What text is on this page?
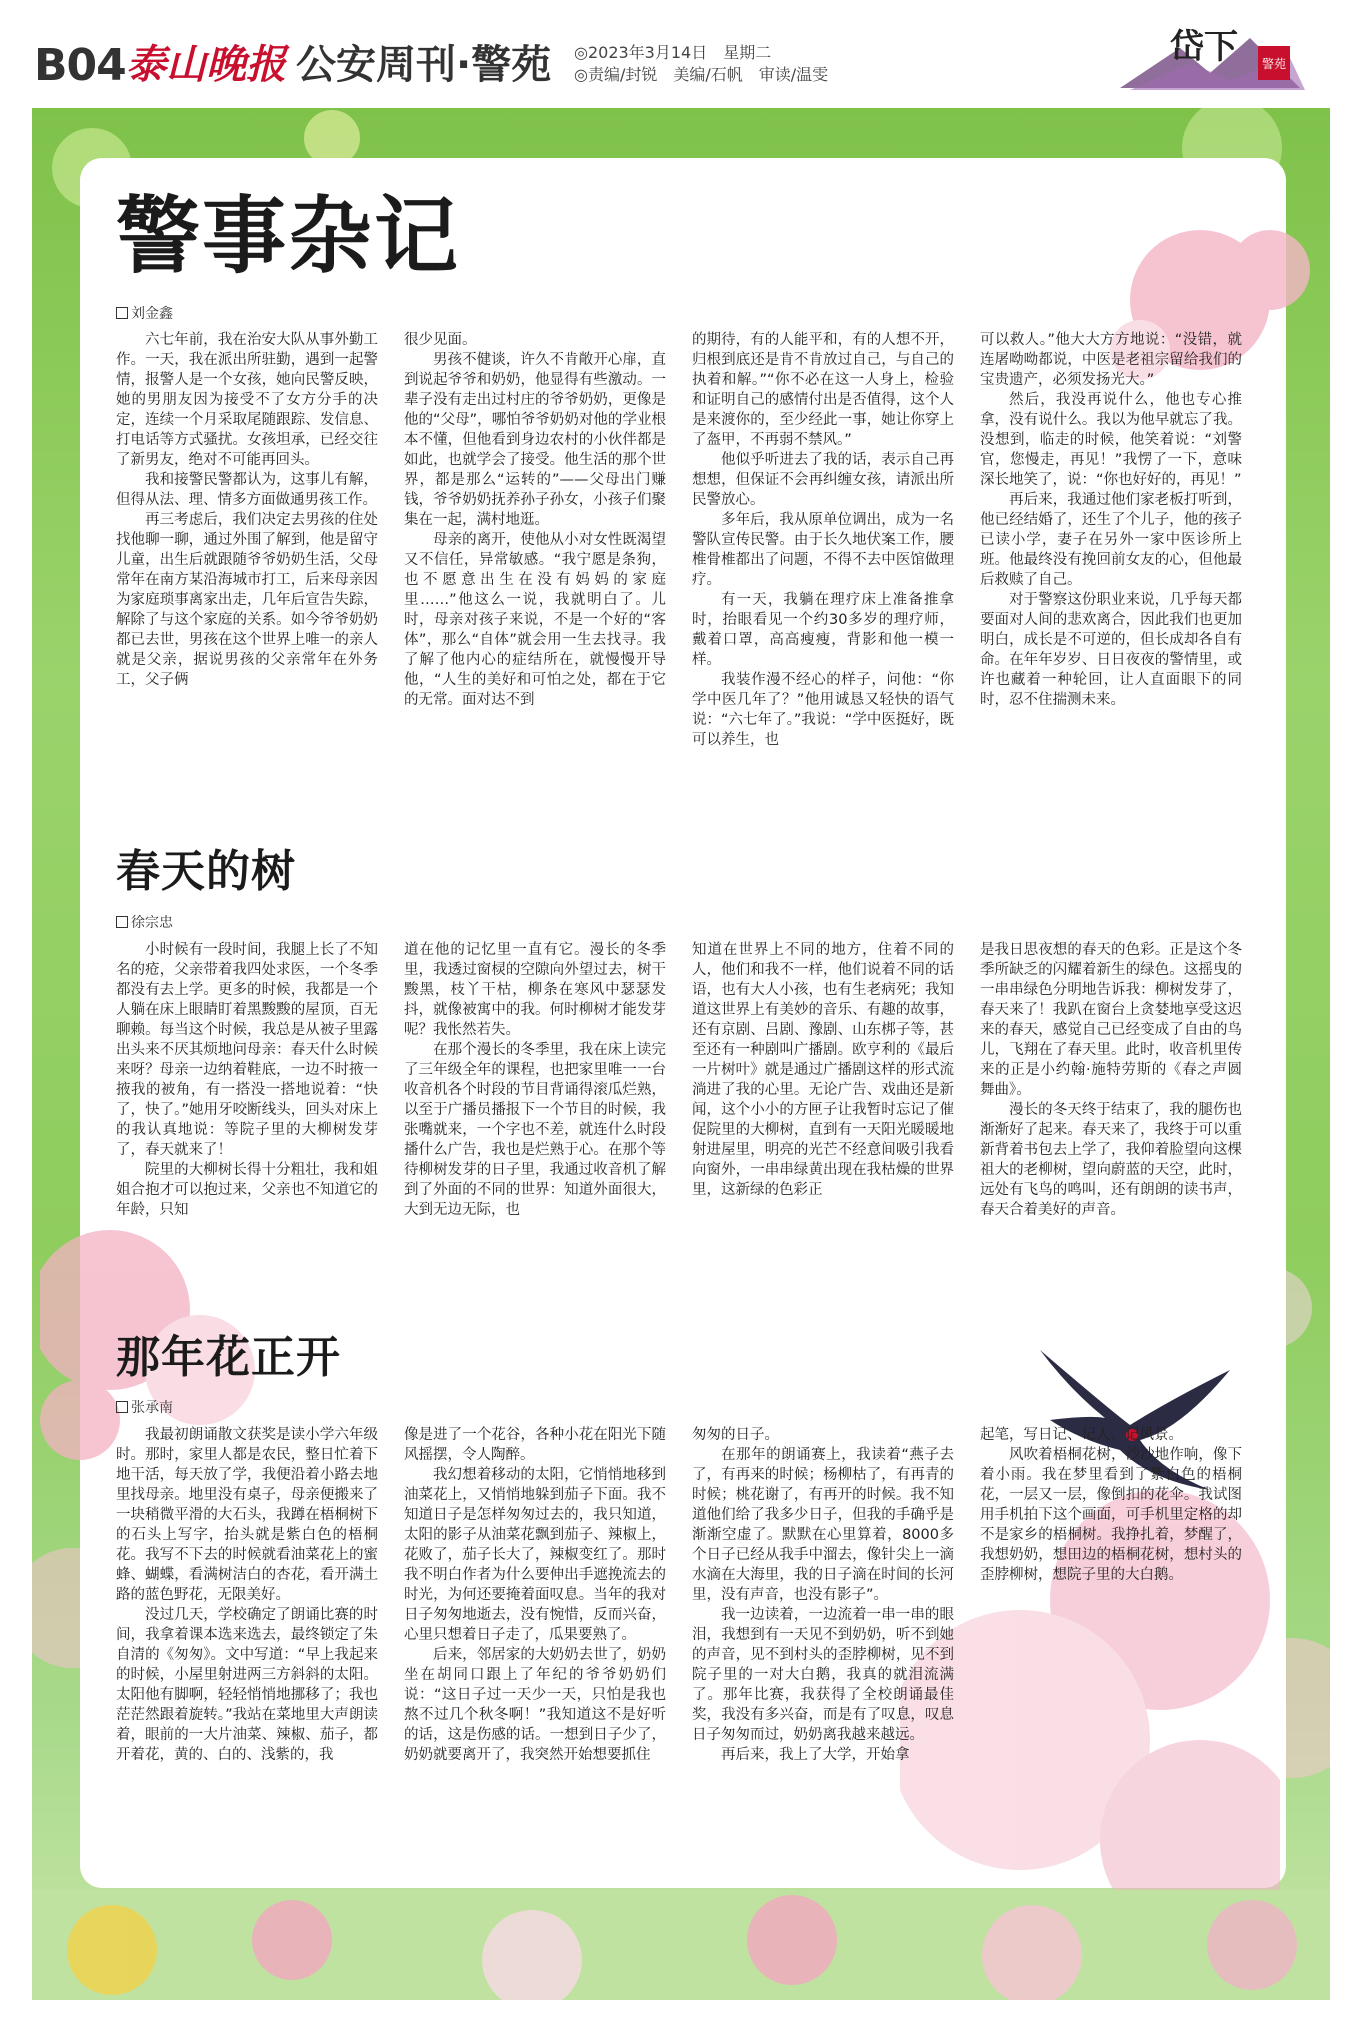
B04 泰山晚报 公安周刊·警苑 ◎2023年3月14日　星期二
◎责编/封锐　美编/石帆　审读/温雯
岱下 警苑
警事杂记
刘金鑫

六七年前，我在治安大队从事外勤工作。一天，我在派出所驻勤，遇到一起警情，报警人是一个女孩，她向民警反映，她的男朋友因为接受不了女方分手的决定，连续一个月采取尾随跟踪、发信息、打电话等方式骚扰。女孩坦承，已经交往了新男友，绝对不可能再回头。

我和接警民警都认为，这事儿有解，但得从法、理、情多方面做通男孩工作。

再三考虑后，我们决定去男孩的住处找他聊一聊，通过外围了解到，他是留守儿童，出生后就跟随爷爷奶奶生活，父母常年在南方某沿海城市打工，后来母亲因为家庭琐事离家出走，几年后宣告失踪，解除了与这个家庭的关系。如今爷爷奶奶都已去世，男孩在这个世界上唯一的亲人就是父亲，据说男孩的父亲常年在外务工，父子俩

很少见面。

男孩不健谈，许久不肯敞开心扉，直到说起爷爷和奶奶，他显得有些激动。一辈子没有走出过村庄的爷爷奶奶，更像是他的“父母”，哪怕爷爷奶奶对他的学业根本不懂，但他看到身边农村的小伙伴都是如此，也就学会了接受。他生活的那个世界，都是那么“运转的”——父母出门赚钱，爷爷奶奶抚养孙子孙女，小孩子们聚集在一起，满村地逛。

母亲的离开，使他从小对女性既渴望又不信任，异常敏感。“我宁愿是条狗，也不愿意出生在没有妈妈的家庭里……”他这么一说，我就明白了。儿时，母亲对孩子来说，不是一个好的“客体”，那么“自体”就会用一生去找寻。我了解了他内心的症结所在，就慢慢开导他，“人生的美好和可怕之处，都在于它的无常。面对达不到

的期待，有的人能平和，有的人想不开，归根到底还是肯不肯放过自己，与自己的执着和解。”“你不必在这一人身上，检验和证明自己的感情付出是否值得，这个人是来渡你的，至少经此一事，她让你穿上了盔甲，不再弱不禁风。”

他似乎听进去了我的话，表示自己再想想，但保证不会再纠缠女孩，请派出所民警放心。

多年后，我从原单位调出，成为一名警队宣传民警。由于长久地伏案工作，腰椎骨椎都出了问题，不得不去中医馆做理疗。

有一天，我躺在理疗床上准备推拿时，抬眼看见一个约30多岁的理疗师，戴着口罩，高高瘦瘦，背影和他一模一样。

我装作漫不经心的样子，问他：“你学中医几年了？”他用诚恳又轻快的语气说：“六七年了。”我说：“学中医挺好，既可以养生，也

可以救人。”他大大方方地说：“没错，就连屠呦呦都说，中医是老祖宗留给我们的宝贵遗产，必须发扬光大。”

然后，我没再说什么，他也专心推拿，没有说什么。我以为他早就忘了我。没想到，临走的时候，他笑着说：“刘警官，您慢走，再见！”我愣了一下，意味深长地笑了，说：“你也好好的，再见！”

再后来，我通过他们家老板打听到，他已经结婚了，还生了个儿子，他的孩子已读小学，妻子在另外一家中医诊所上班。他最终没有挽回前女友的心，但他最后救赎了自己。

对于警察这份职业来说，几乎每天都要面对人间的悲欢离合，因此我们也更加明白，成长是不可逆的，但长成却各自有命。在年年岁岁、日日夜夜的警情里，或许也藏着一种轮回，让人直面眼下的同时，忍不住揣测未来。

春天的树
徐宗忠

小时候有一段时间，我腿上长了不知名的疮，父亲带着我四处求医，一个冬季都没有去上学。更多的时候，我都是一个人躺在床上眼睛盯着黑黢黢的屋顶，百无聊赖。每当这个时候，我总是从被子里露出头来不厌其烦地问母亲：春天什么时候来呀？母亲一边纳着鞋底，一边不时掖一掖我的被角，有一搭没一搭地说着：“快了，快了。”她用牙咬断线头，回头对床上的我认真地说：等院子里的大柳树发芽了，春天就来了！

院里的大柳树长得十分粗壮，我和姐姐合抱才可以抱过来，父亲也不知道它的年龄，只知

道在他的记忆里一直有它。漫长的冬季里，我透过窗棂的空隙向外望过去，树干黢黑，枝丫干枯，柳条在寒风中瑟瑟发抖，就像被寓中的我。何时柳树才能发芽呢？我怅然若失。

在那个漫长的冬季里，我在床上读完了三年级全年的课程，也把家里唯一一台收音机各个时段的节目背诵得滚瓜烂熟，以至于广播员播报下一个节目的时候，我张嘴就来，一个字也不差，就连什么时段播什么广告，我也是烂熟于心。在那个等待柳树发芽的日子里，我通过收音机了解到了外面的不同的世界：知道外面很大，大到无边无际，也

知道在世界上不同的地方，住着不同的人，他们和我不一样，他们说着不同的话语，也有大人小孩，也有生老病死；我知道这世界上有美妙的音乐、有趣的故事，还有京剧、吕剧、豫剧、山东梆子等，甚至还有一种剧叫广播剧。欧亨利的《最后一片树叶》就是通过广播剧这样的形式流淌进了我的心里。无论广告、戏曲还是新闻，这个小小的方匣子让我暂时忘记了催促院里的大柳树，直到有一天阳光暖暖地射进屋里，明亮的光芒不经意间吸引我看向窗外，一串串绿黄出现在我枯燥的世界里，这新绿的色彩正

是我日思夜想的春天的色彩。正是这个冬季所缺乏的闪耀着新生的绿色。这摇曳的一串串绿色分明地告诉我：柳树发芽了，春天来了！我趴在窗台上贪婪地享受这迟来的春天，感觉自己已经变成了自由的鸟儿，飞翔在了春天里。此时，收音机里传来的正是小约翰·施特劳斯的《春之声圆舞曲》。

漫长的冬天终于结束了，我的腿伤也渐渐好了起来。春天来了，我终于可以重新背着书包去上学了，我仰着脸望向这棵祖大的老柳树，望向蔚蓝的天空，此时，远处有飞鸟的鸣叫，还有朗朗的读书声，春天合着美好的声音。

那年花正开
张承南

我最初朗诵散文获奖是读小学六年级时。那时，家里人都是农民，整日忙着下地干活，每天放了学，我便沿着小路去地里找母亲。地里没有桌子，母亲便搬来了一块稍微平滑的大石头，我蹲在梧桐树下的石头上写字，抬头就是紫白色的梧桐花。我写不下去的时候就看油菜花上的蜜蜂、蝴蝶，看满树洁白的杏花，看开满土路的蓝色野花，无限美好。

没过几天，学校确定了朗诵比赛的时间，我拿着课本选来选去，最终锁定了朱自清的《匆匆》。文中写道：“早上我起来的时候，小屋里射进两三方斜斜的太阳。太阳他有脚啊，轻轻悄悄地挪移了；我也茫茫然跟着旋转。”我站在菜地里大声朗读着，眼前的一大片油菜、辣椒、茄子，都开着花，黄的、白的、浅紫的，我

像是进了一个花谷，各种小花在阳光下随风摇摆，令人陶醉。

我幻想着移动的太阳，它悄悄地移到油菜花上，又悄悄地躲到茄子下面。我不知道日子是怎样匆匆过去的，我只知道，太阳的影子从油菜花飘到茄子、辣椒上，花败了，茄子长大了，辣椒变红了。那时我不明白作者为什么要伸出手遮挽流去的时光，为何还要掩着面叹息。当年的我对日子匆匆地逝去，没有惋惜，反而兴奋，心里只想着日子走了，瓜果要熟了。

后来，邻居家的大奶奶去世了，奶奶坐在胡同口跟上了年纪的爷爷奶奶们说：“这日子过一天少一天，只怕是我也熬不过几个秋冬啊！”我知道这不是好听的话，这是伤感的话。一想到日子少了，奶奶就要离开了，我突然开始想要抓住

匆匆的日子。

在那年的朗诵赛上，我读着“燕子去了，有再来的时候；杨柳枯了，有再青的时候；桃花谢了，有再开的时候。我不知道他们给了我多少日子，但我的手确乎是渐渐空虚了。默默在心里算着，8000多个日子已经从我手中溜去，像针尖上一滴水滴在大海里，我的日子滴在时间的长河里，没有声音，也没有影子”。

我一边读着，一边流着一串一串的眼泪，我想到有一天见不到奶奶，听不到她的声音，见不到村头的歪脖柳树，见不到院子里的一对大白鹅，我真的就泪流满了。那年比赛，我获得了全校朗诵最佳奖，我没有多兴奋，而是有了叹息，叹息日子匆匆而过，奶奶离我越来越远。

再后来，我上了大学，开始拿

起笔，写日记、记人、记风景。

风吹着梧桐花树，沙沙地作响，像下着小雨。我在梦里看到了紫白色的梧桐花，一层又一层，像倒扣的花伞。我试图用手机拍下这个画面，可手机里定格的却不是家乡的梧桐树。我挣扎着，梦醒了，我想奶奶，想田边的梧桐花树，想村头的歪脖柳树，想院子里的大白鹅。
